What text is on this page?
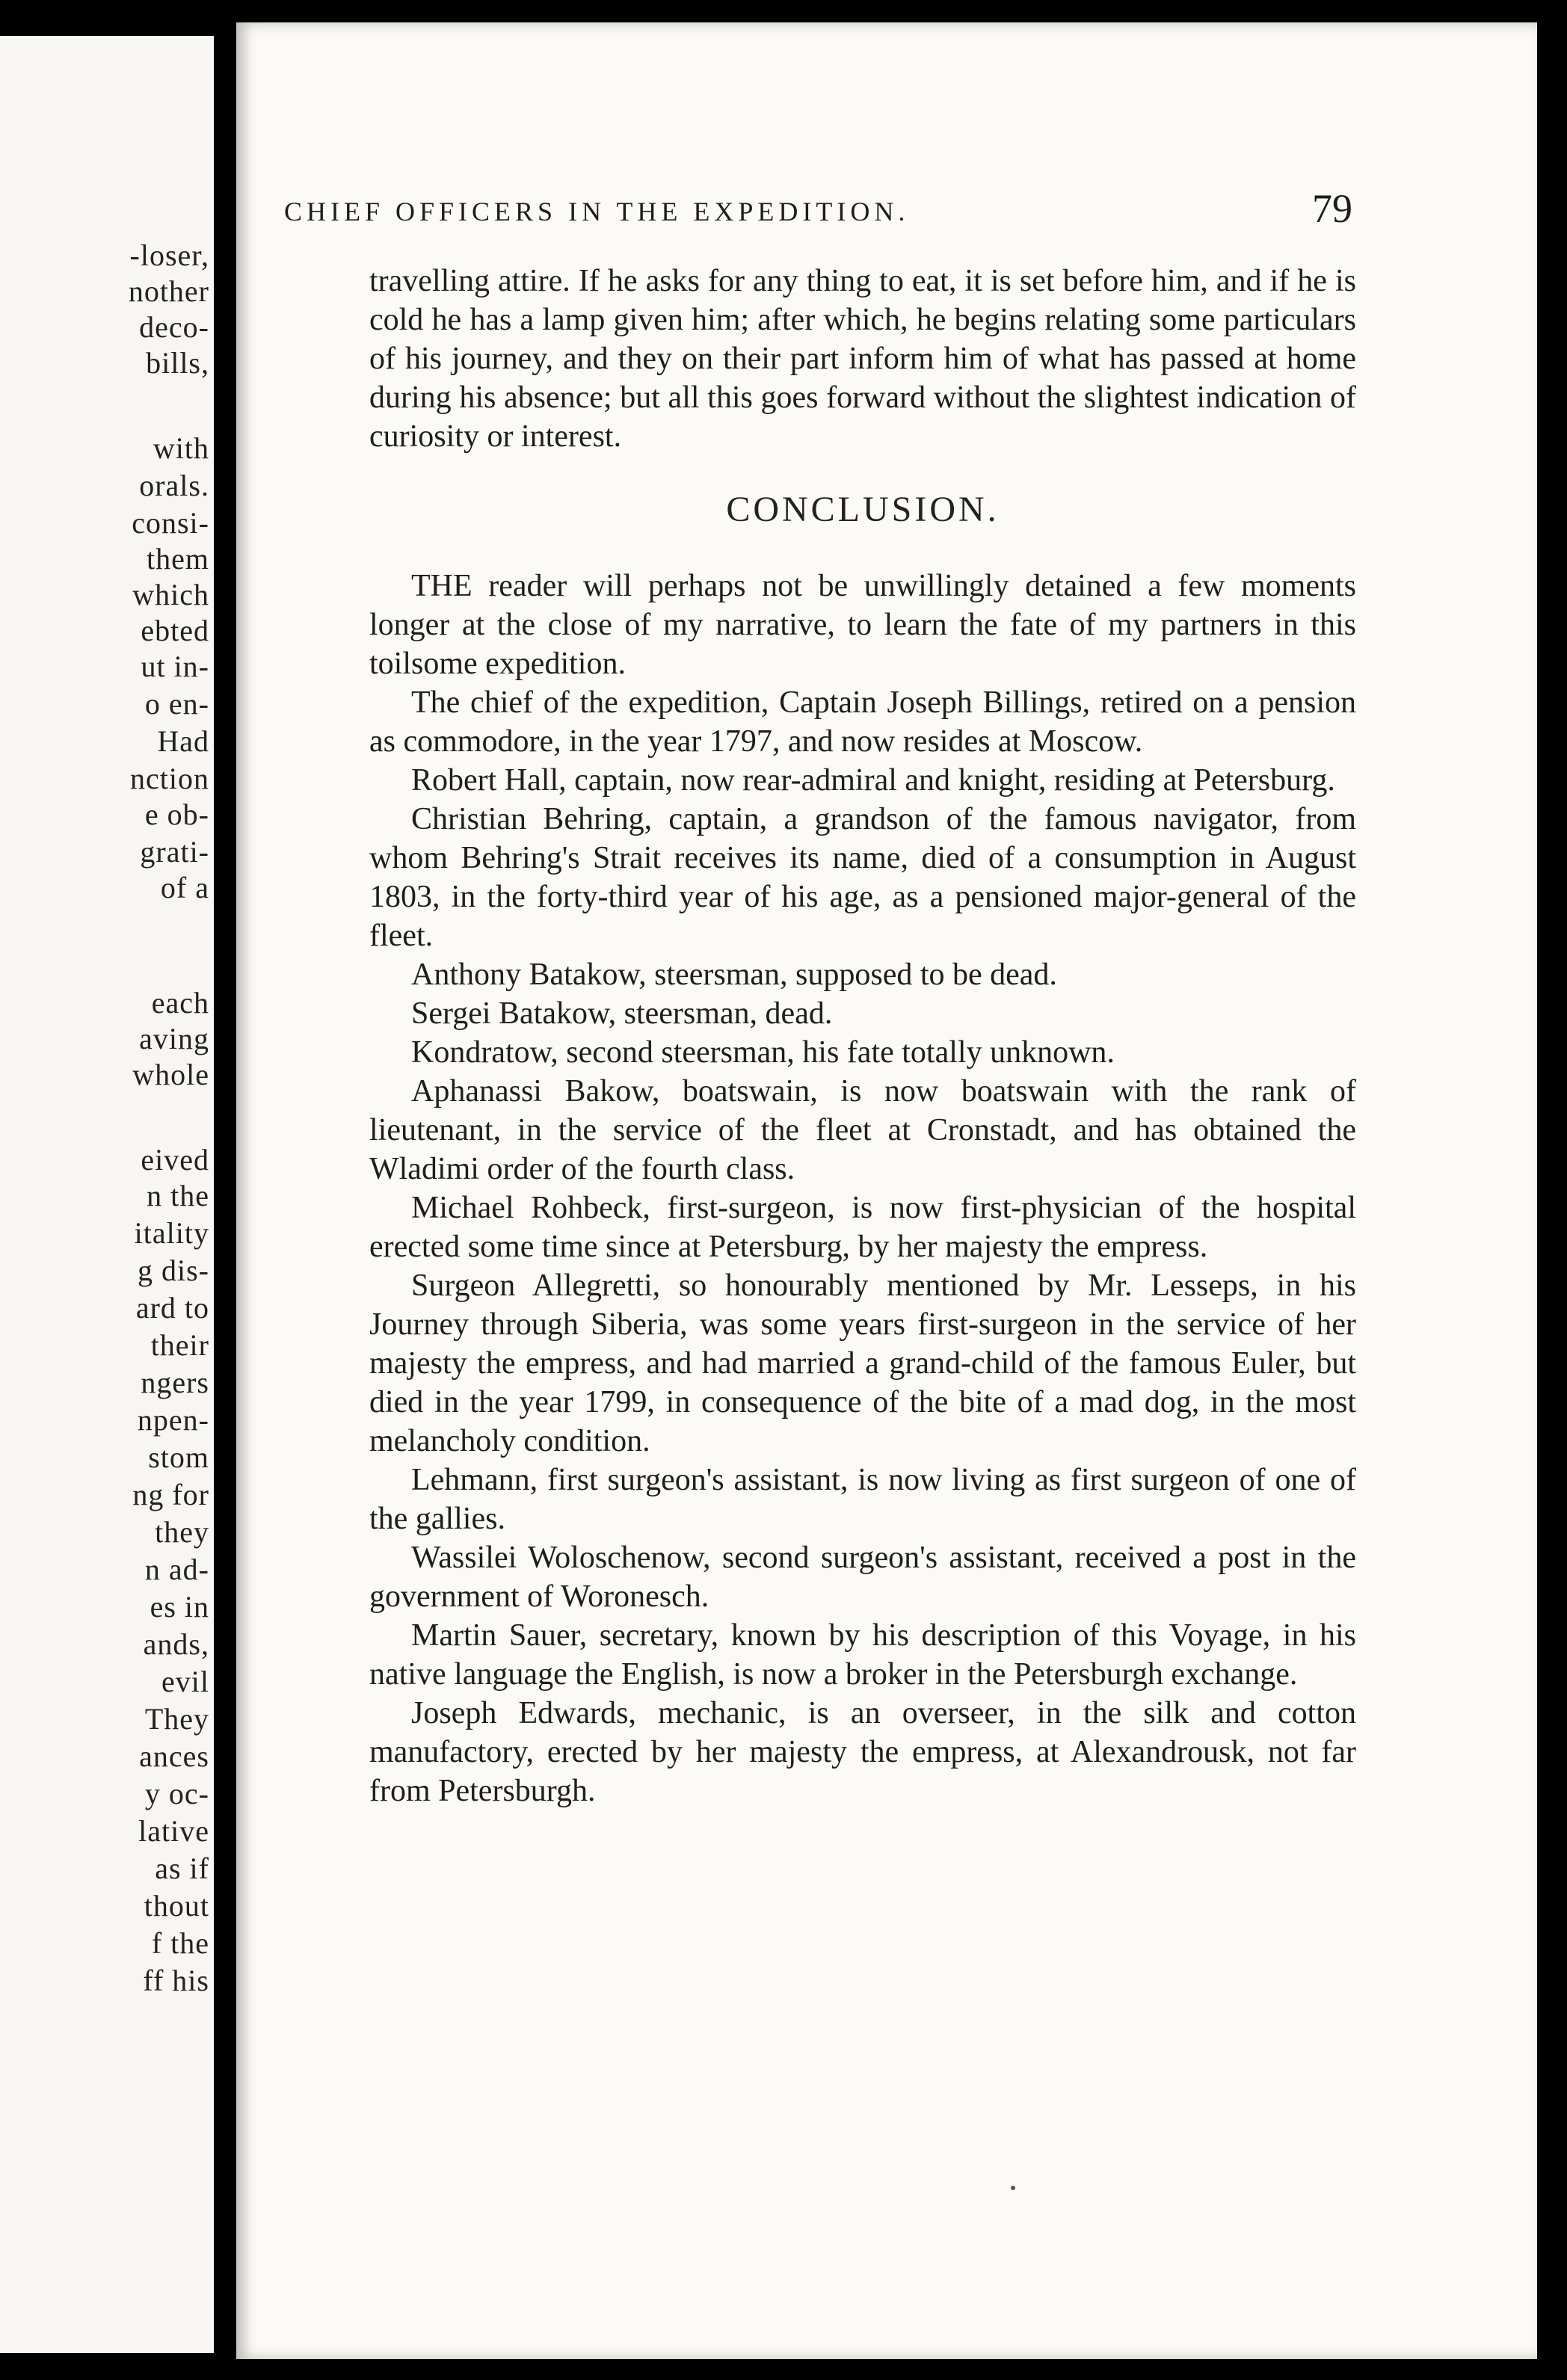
-loser,
nother
deco-
bills,
with
orals.
consi-
them
which
ebted
ut in-
o en-
Had
nction
e ob-
grati-
of a
each
aving
whole
eived
n the
itality
g dis-
ard to
their
ngers
npen-
stom
ng for
they
n ad-
es in
ands,
evil
They
ances
y oc-
lative
as if
thout
f the
ff his
CHIEF OFFICERS IN THE EXPEDITION.	79

travelling attire. If he asks for any thing to eat, it is set before him, and if he is cold he has a lamp given him; after which, he begins relating some particulars of his journey, and they on their part inform him of what has passed at home during his absence; but all this goes forward without the slightest indication of curiosity or interest.

CONCLUSION.

THE reader will perhaps not be unwillingly detained a few moments longer at the close of my narrative, to learn the fate of my partners in this toilsome expedition.

The chief of the expedition, Captain Joseph Billings, retired on a pension as commodore, in the year 1797, and now resides at Moscow.

Robert Hall, captain, now rear-admiral and knight, residing at Petersburg.

Christian Behring, captain, a grandson of the famous navigator, from whom Behring's Strait receives its name, died of a consumption in August 1803, in the forty-third year of his age, as a pensioned major-general of the fleet.

Anthony Batakow, steersman, supposed to be dead.

Sergei Batakow, steersman, dead.

Kondratow, second steersman, his fate totally unknown.

Aphanassi Bakow, boatswain, is now boatswain with the rank of lieutenant, in the service of the fleet at Cronstadt, and has obtained the Wladimi order of the fourth class.

Michael Rohbeck, first-surgeon, is now first-physician of the hospital erected some time since at Petersburg, by her majesty the empress.

Surgeon Allegretti, so honourably mentioned by Mr. Lesseps, in his Journey through Siberia, was some years first-surgeon in the service of her majesty the empress, and had married a grand-child of the famous Euler, but died in the year 1799, in consequence of the bite of a mad dog, in the most melancholy condition.

Lehmann, first surgeon's assistant, is now living as first surgeon of one of the gallies.

Wassilei Woloschenow, second surgeon's assistant, received a post in the government of Woronesch.

Martin Sauer, secretary, known by his description of this Voyage, in his native language the English, is now a broker in the Petersburgh exchange.

Joseph Edwards, mechanic, is an overseer, in the silk and cotton manufactory, erected by her majesty the empress, at Alexandrousk, not far from Petersburgh.
